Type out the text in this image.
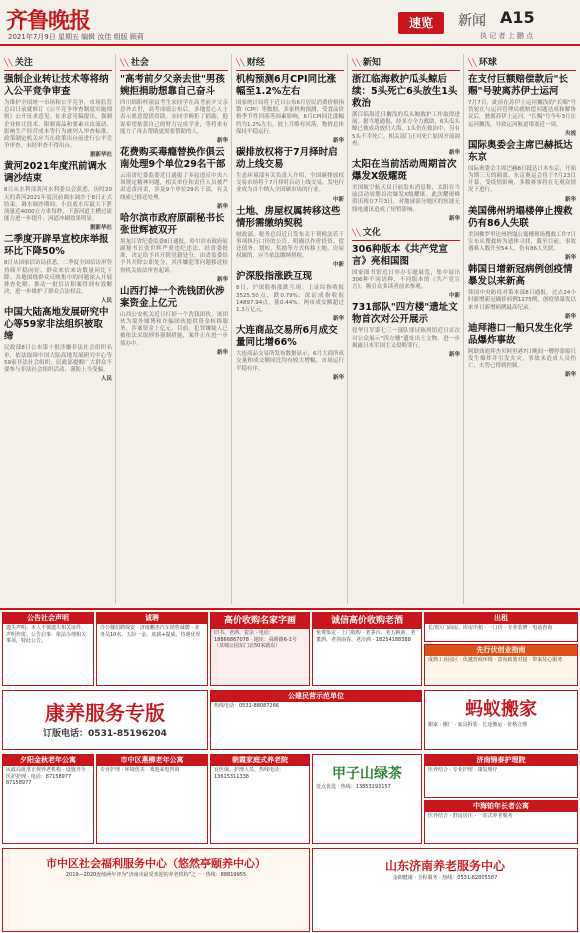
齐鲁晚报
2021年7月9日 星期五 编辑 汝佳 组版 顾莉
速览	新闻 A15
执 记 者 上 鹏 点
╲╲ 关注
强制企业转让技术等将纳入公平竞争审查
为维护全国统一市场和公平竞争，市场监管总局日前就修订《公平竞争审查制度实施细则》公开征求意见。征求意见稿提出，强制企业转让技术、限制商品和要素自由流动、影响生产经营成本等行为被列入审查标准，政策制定机关应当在政策出台前进行公平竞争审查，未经审查不得出台。
据新华社
黄河2021年度汛前调水调沙结束
8日从水利部黄河水利委员会获悉，历时20天的黄河2021年度汛前调水调沙于8日正式结束。调水调沙期间，小浪底水库最大下泄流量近4000立方米每秒，下游河道主槽过流能力进一步提升，河道冲刷效果明显。
据新华社
二季度开辟旱宣校床举报环比下降50%
8日从国家信访局获悉，二季度全国信访形势持续平稳向好，群众来信来访数量同比下降。各地围绕群众反映集中的问题深入开展排查化解，推动一批信访积案得到有效解决，进一步维护了群众合法权益。
人民
中国大陆高地发展研究中心等59家非法组织被取缔
民政部8日公布第十批涉嫌非法社会组织名单，依法取缔中国大陆高地发展研究中心等59家非法社会组织。民政部提醒广大群众不要参与非法社会组织活动，谨防上当受骗。
人民
╲╲ 社会
"高考前夕父亲去世"男孩婉拒捐助想靠自己奋斗
四川绵阳梓潼县考生宋同学在高考前夕父亲意外去世，高考成绩公布后，多地爱心人士表示愿意提供资助。宋同学婉拒了捐助，他说希望依靠自己的努力完成学业，等将来有能力了再去帮助更需要帮助的人。
新华
花费购买毒瘾替换作俱云南处理9个单位29名干部
云南省纪委监委近日通报了多起违反中央八项规定精神问题，相关单位和责任人员被严肃追责问责，涉及9个单位29名干部，有关线索已移送处理。
新华
哈尔滨市政府原副秘书长张世辉被双开
黑龙江省纪委监委8日通报，哈尔滨市政府原副秘书长张世辉严重违纪违法，经省委批准，决定给予其开除党籍处分，由省监委给予其开除公职处分，其涉嫌犯罪问题移送检察机关依法审查起诉。
新华
山西打掉一个洗钱团伙涉案资金上亿元
山西公安机关近日打掉一个洗钱团伙，该团伙为境外赌博和诈骗团伙提供资金转移服务，涉案资金上亿元。目前，犯罪嫌疑人已被依法采取刑事强制措施，案件正在进一步侦办中。
新华
╲╲ 财经
机构预测6月CPI同比涨幅至1.2%左右
国家统计局将于近日公布6月居民消费价格指数（CPI）等数据。多家机构预测，受食品价格季节性回落等因素影响，6月CPI同比涨幅约为1.2%左右，较上月略有回落，物价总体保持平稳运行。
新华
碳排放权将于7月择时启动上线交易
生态环境部有关负责人介绍，全国碳排放权交易市场将于7月择时启动上线交易，发电行业成为首个纳入全国碳市场的行业。
中新
土地、房屋权属转移这些情形需缴纳契税
财政部、税务总局近日发布关于契税法若干事项执行口径的公告，明确以作价投资、偿还债务、划转、奖励等方式转移土地、房屋权属的，应当依法缴纳契税。
中新
沪深股指涨跌互现
8日，沪深股指涨跌互现。上证综指收报3525.50点，跌0.79%；深证成指收报14897.94点，涨0.44%。两市成交额超过1.3万亿元。
新华
大连商品交易所6月成交量同比增66%
大连商品交易所发布数据显示，6月大商所成交量和成交额同比均有较大增幅，市场运行平稳有序。
新华
╲╲ 新知
浙江临海救护瓜头鲸后续：5头死亡6头放生1头救治
浙江临海近日搁浅的瓜头鲸救护工作取得进展。据当地通报，经多方全力救助，6头瓜头鲸已被成功放归大海，1头仍在救治中，另有5头不幸死亡，相关部门正对死亡原因开展调查。
新华
太阳在当前活动周期首次爆发X级耀斑
美国航空航天局日前发布消息称，太阳在当前活动周期首次爆发X级耀斑。此次耀斑峰值出现在7月3日，对地球部分地区的短波无线电通讯造成了短暂影响。
新华
╲╲ 文化
306种版本《共产党宣言》亮相国图
国家图书馆近日举办专题展览，集中展出306种不同语种、不同版本的《共产党宣言》，吸引众多读者前来参观。
中新
731部队"四方楼"遗址文物首次对公开展示
侵华日军第七三一部队罪证陈列馆近日首次对公众展示"四方楼"遗址出土文物，进一步揭露日本军国主义侵略罪行。
新华
╲╲ 环球
在支付巨额赔偿款后"长赐"号驶离苏伊士运河
7月7日，此前在苏伊士运河搁浅的"长赐"号货轮在与运河管理局就赔偿问题达成和解协议后，驶离苏伊士运河。"长赐"号今年3月在运河搁浅，导致运河航道堵塞近一周。
央视
国际奥委会主席巴赫抵达东京
国际奥委会主席巴赫8日抵达日本东京，开始为期三天的隔离。东京奥运会将于7月23日开幕，受疫情影响，多数赛事将在无观众情况下进行。
新华
美国佛州坍塌楼停止搜救仍有86人失联
美国佛罗里达州坍塌公寓楼现场搜救工作7日宣布从搜救转为遗体寻找，截至目前，事故遇难人数升至54人，仍有86人失联。
新华
韩国日增新冠病例创疫情暴发以来新高
韩国中央防疫对策本部8日通报，过去24小时新增新冠确诊病例1275例，创疫情暴发以来单日新增病例最高纪录。
新华
迪拜港口一船只发生化学品爆炸事故
阿联酋迪拜杰贝阿里港7日晚间一艘停靠船只发生爆炸并引发火灾，事故未造成人员伤亡，火势已得到控制。
新华
公告社会声明
遗失声明：本人不慎遗失相关证件，声明作废。公告启事：依法办理相关事项，特此公告。
诚聘
办公楼招聘保安 · 济南鹏杰汽车销售诚聘 · 业务员10名、五险一金、底薪+提成、待遇优厚
高价收购名家字画
旧书、老酒、瓷杂 · 电话：18866867078 · 地址：舜耕路6-1号（泉城公园东门北50米路东）
诚信高价收购老酒
免费鉴定 · 上门收购 · 老茅台、老五粮液、老董酒、老剑南春、老汾酒 · 18254188388
出租
长清区门面房、库房出租 · 一口价 · 专业装修 · 电话咨询
先行伏创业指南
成熟工业园区 · 优越营商环境 · 意向政策对接 · 带来驻心服务
康养服务专版
订版电话：0531-85196204
蚂蚁搬家
搬家 · 搬厂 · 家具拆装 · 长途搬运 · 价格合理
公建民营示范单位
热线电话：0531-88087266
夕阳金秋老年公寓
民政局批准正规养老机构 · 设施齐全 · 医护护理 · 电话：87158977 87158977
市中区燕柳老年公寓
专业护理 · 环境优美 · 欢迎来电咨询
朝霞家庭式养老院
有医保、护理人员、热线电话：13615311338	甲子山绿茶
壹点优选 · 热线：13853193157
济南锦泰护理院
医养结合 · 专业护理 · 康复理疗
中海铂年长者公寓
医养结合 · 舒适居住 · 一站式养老服务
市中区社会福利服务中心（悠然亭颐养中心）
2019—2020连续两年评为"济南市最受欢迎的养老机构"之一 · 热线：88819955
山东济南养老服务中心
金朗健康 · 全程服务 · 热线：0531-82805587
